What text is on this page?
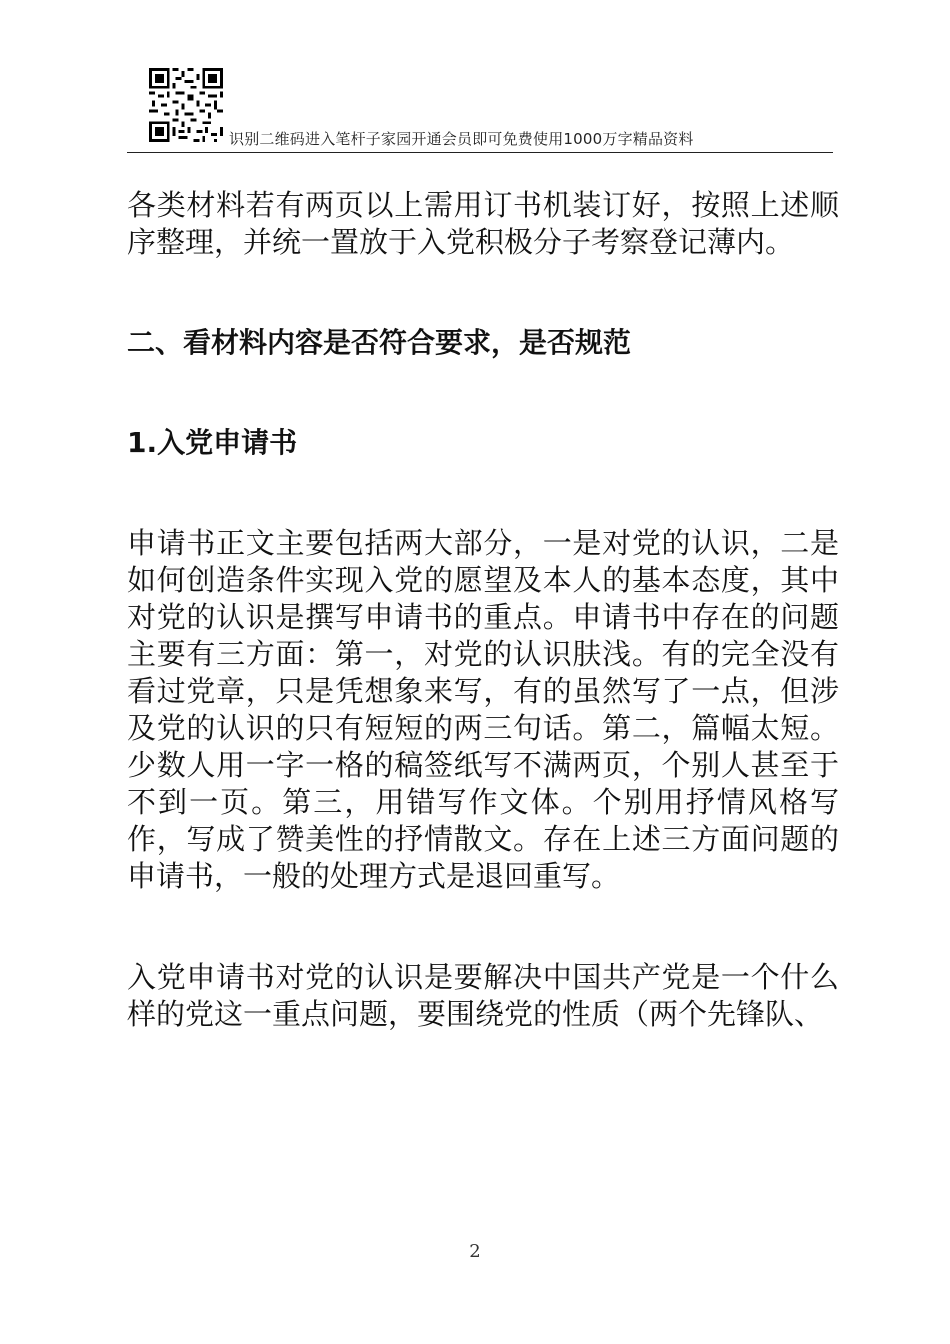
识别二维码进入笔杆子家园开通会员即可免费使用1000万字精品资料

各类材料若有两页以上需用订书机装订好，按照上述顺序整理，并统一置放于入党积极分子考察登记薄内。

二、看材料内容是否符合要求，是否规范
1.入党申请书

申请书正文主要包括两大部分，一是对党的认识，二是如何创造条件实现入党的愿望及本人的基本态度，其中对党的认识是撰写申请书的重点。申请书中存在的问题主要有三方面：第一，对党的认识肤浅。有的完全没有看过党章，只是凭想象来写，有的虽然写了一点，但涉及党的认识的只有短短的两三句话。第二，篇幅太短。少数人用一字一格的稿签纸写不满两页，个别人甚至于不到一页。第三，用错写作文体。个别用抒情风格写作，写成了赞美性的抒情散文。存在上述三方面问题的申请书，一般的处理方式是退回重写。

入党申请书对党的认识是要解决中国共产党是一个什么样的党这一重点问题，要围绕党的性质（两个先锋队、

2
